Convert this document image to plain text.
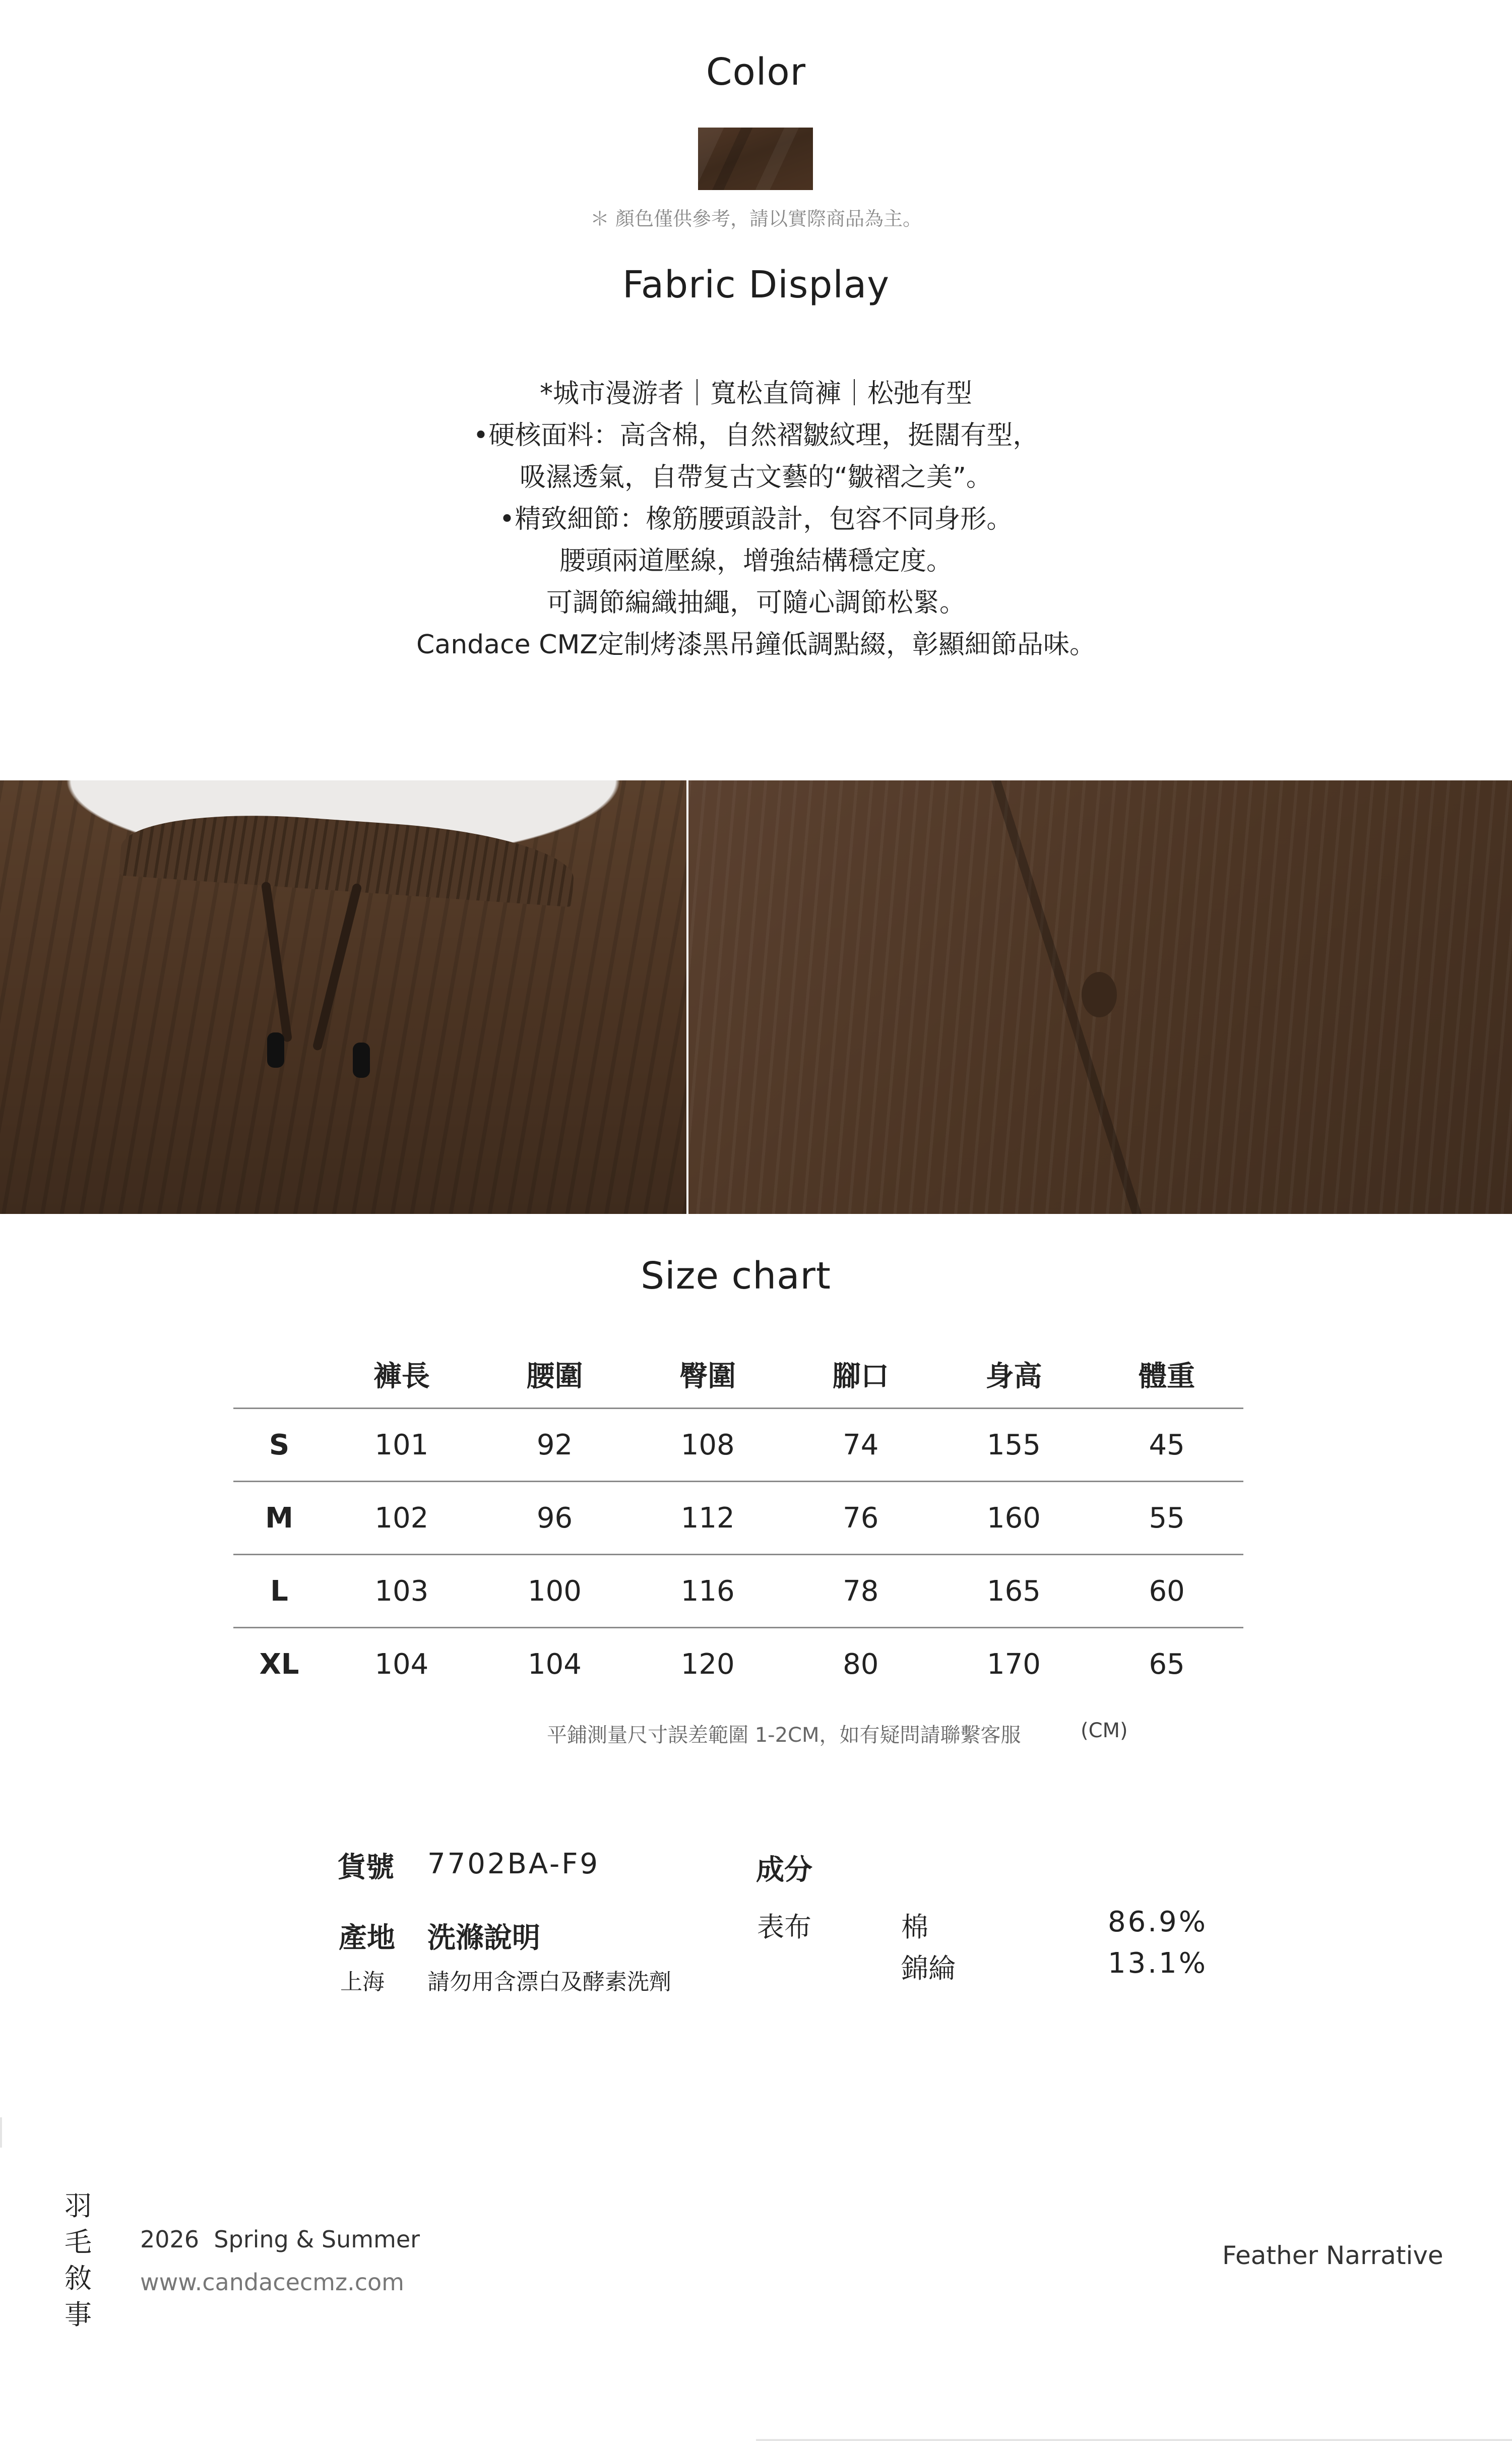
Color
＊ 顏色僅供參考，請以實際商品為主。
Fabric Display
*城市漫游者｜寬松直筒褲｜松弛有型
•硬核面料：高含棉，自然褶皺紋理，挺闊有型，
吸濕透氣，自帶复古文藝的“皺褶之美”。
•精致細節：橡筋腰頭設計，包容不同身形。
腰頭兩道壓線，增強結構穩定度。
可調節編織抽繩，可隨心調節松緊。
Candace CMZ定制烤漆黑吊鐘低調點綴，彰顯細節品味。
Size chart
	褲長	腰圍	臀圍	腳口	身高	體重
S	101	92	108	74	155	45
M	102	96	112	76	160	55
L	103	100	116	78	165	60
XL	104	104	120	80	170	65
平鋪測量尺寸誤差範圍 1-2CM，如有疑問請聯繫客服	(CM)
貨號 7702BA-F9
產地
上海
洗滌說明
請勿用含漂白及酵素洗劑
成分
表布	棉	86.9%
錦綸	13.1%
羽
毛
敘
事
2026  Spring & Summer
www.candacecmz.com
Feather Narrative
